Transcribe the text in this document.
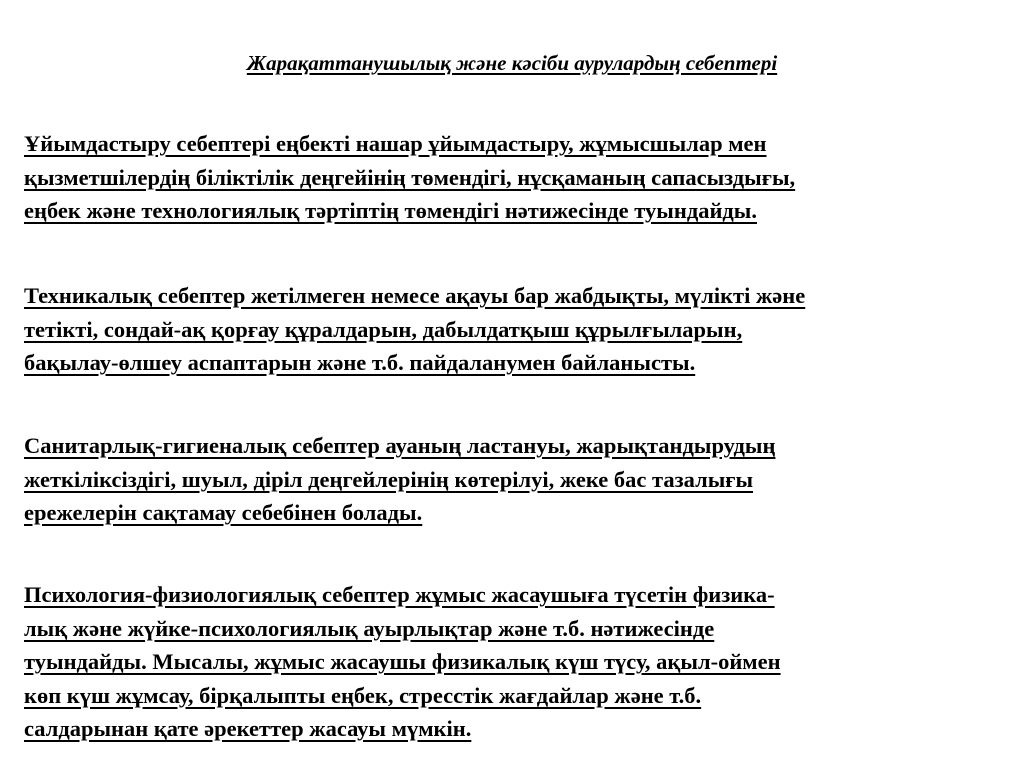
Жарақаттанушылық және кәсіби аурулардың себептері

Ұйымдастыру себептері еңбекті нашар ұйымдастыру, жұмысшылар мен
қызметшілердің біліктілік деңгейінің төмендігі, нұсқаманың сапасыздығы,
еңбек және технологиялық тәртіптің төмендігі нәтижесінде туындайды.

Техникалық себептер жетілмеген немесе ақауы бар жабдықты, мүлікті және
тетікті, сондай-ақ қорғау құралдарын, дабылдатқыш құрылғыларын,
бақылау-өлшеу аспаптарын және т.б. пайдаланумен байланысты.

Санитарлық-гигиеналық себептер ауаның ластануы, жарықтандырудың
жеткіліксіздігі, шуыл, діріл деңгейлерінің көтерілуі, жеке бас тазалығы
ережелерін сақтамау себебінен болады.

Психология-физиологиялық себептер жұмыс жасаушыға түсетін физика-
лық және жүйке-психологиялық ауырлықтар және т.б. нәтижесінде
туындайды. Мысалы, жұмыс жасаушы физикалық күш түсу, ақыл-оймен
көп күш жұмсау, бірқалыпты еңбек, стресстік жағдайлар және т.б.
салдарынан қате әрекеттер жасауы мүмкін.
